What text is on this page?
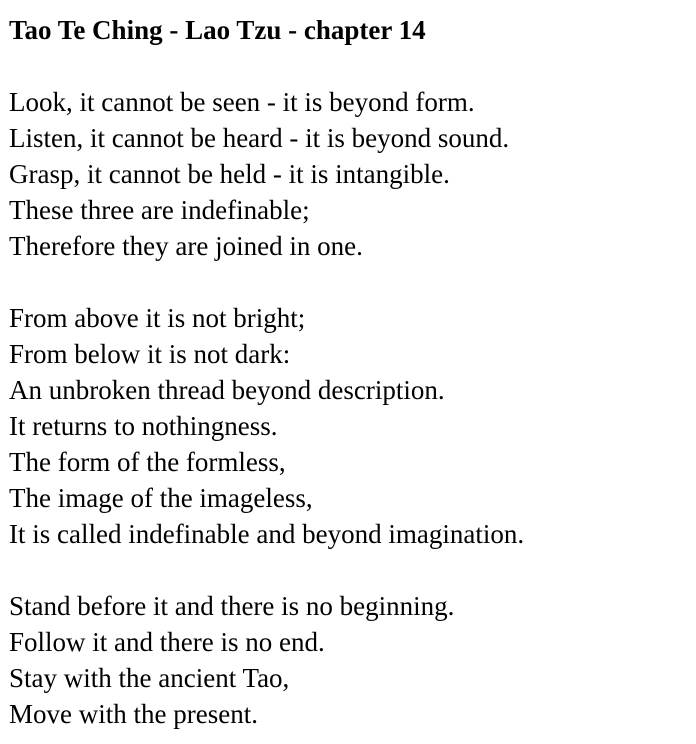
Tao Te Ching - Lao Tzu - chapter 14
Look, it cannot be seen - it is beyond form.
Listen, it cannot be heard - it is beyond sound.
Grasp, it cannot be held - it is intangible.
These three are indefinable;
Therefore they are joined in one.
From above it is not bright;
From below it is not dark:
An unbroken thread beyond description.
It returns to nothingness.
The form of the formless,
The image of the imageless,
It is called indefinable and beyond imagination.
Stand before it and there is no beginning.
Follow it and there is no end.
Stay with the ancient Tao,
Move with the present.
